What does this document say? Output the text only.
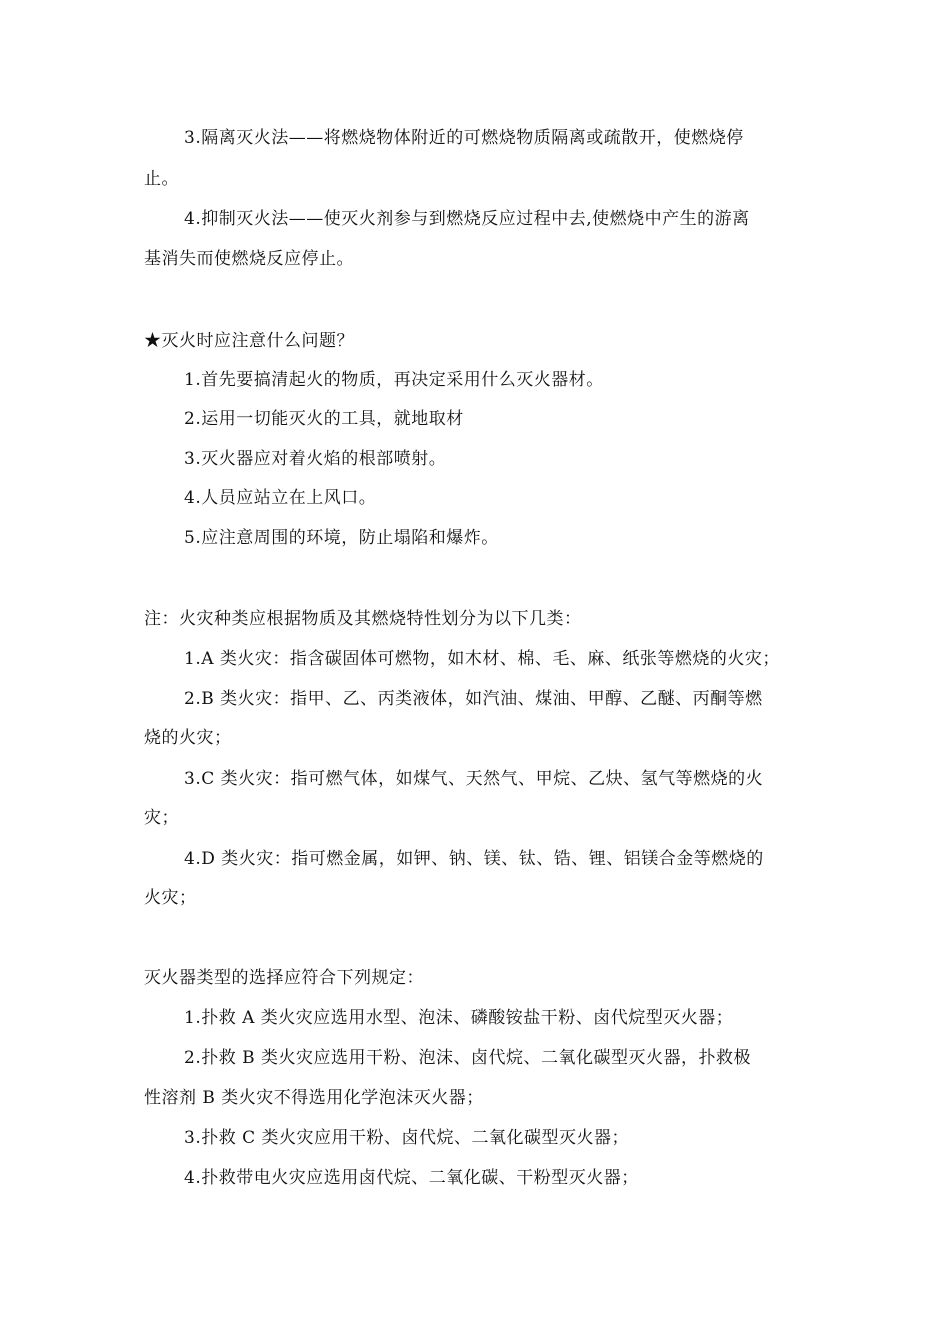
3.隔离灭火法——将燃烧物体附近的可燃烧物质隔离或疏散开，使燃烧停
止。
4.抑制灭火法——使灭火剂参与到燃烧反应过程中去,使燃烧中产生的游离
基消失而使燃烧反应停止。
★灭火时应注意什么问题？
1.首先要搞清起火的物质，再决定采用什么灭火器材。
2.运用一切能灭火的工具，就地取材
3.灭火器应对着火焰的根部喷射。
4.人员应站立在上风口。
5.应注意周围的环境，防止塌陷和爆炸。
注：火灾种类应根据物质及其燃烧特性划分为以下几类：
1.A 类火灾：指含碳固体可燃物，如木材、棉、毛、麻、纸张等燃烧的火灾；
2.B 类火灾：指甲、乙、丙类液体，如汽油、煤油、甲醇、乙醚、丙酮等燃
烧的火灾；
3.C 类火灾：指可燃气体，如煤气、天然气、甲烷、乙炔、氢气等燃烧的火
灾；
4.D 类火灾：指可燃金属，如钾、钠、镁、钛、锆、锂、铝镁合金等燃烧的
火灾；
灭火器类型的选择应符合下列规定：
1.扑救 A 类火灾应选用水型、泡沫、磷酸铵盐干粉、卤代烷型灭火器；
2.扑救 B 类火灾应选用干粉、泡沫、卤代烷、二氧化碳型灭火器，扑救极
性溶剂 B 类火灾不得选用化学泡沫灭火器；
3.扑救 C 类火灾应用干粉、卤代烷、二氧化碳型灭火器；
4.扑救带电火灾应选用卤代烷、二氧化碳、干粉型灭火器；
